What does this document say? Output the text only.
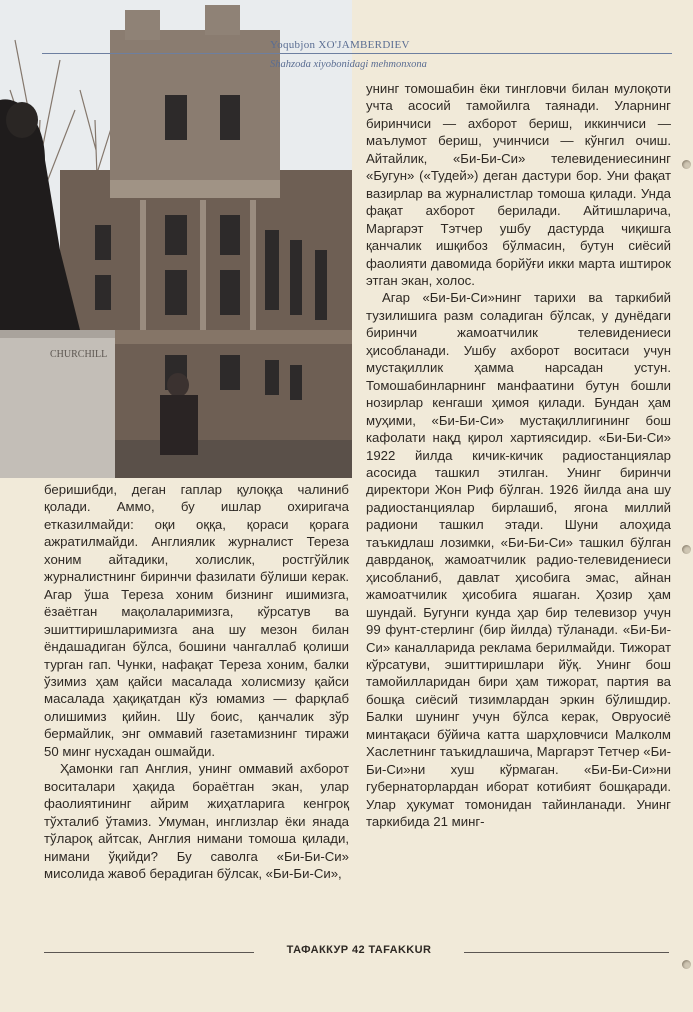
CHURCHILL
Yoqubjon XO'JAMBERDIEV
Shahzoda xiyobonidagi mehmonxona

беришибди, деган гаплар қулоққа чалиниб қолади. Аммо, бу ишлар охиригача етказилмайди: оқи оққа, қораси қорага ажратилмайди. Англиялик журналист Тереза хоним айтадики, холислик, ростгўйлик журналистнинг биринчи фазилати бўлиши керак. Агар ўша Тереза хоним бизнинг ишимизга, ёзаётган мақолаларимизга, кўрсатув ва эшиттиришларимизга ана шу мезон билан ёндашадиган бўлса, бошини чангаллаб қолиши турган гап. Чунки, нафақат Тереза хоним, балки ўзимиз ҳам қайси масалада холисмизу қайси масалада ҳақиқатдан кўз юмамиз — фарқлаб олишимиз қийин. Шу боис, қанчалик зўр бермайлик, энг оммавий газетамизнинг тиражи 50 минг нусхадан ошмайди.

Ҳамонки гап Англия, унинг оммавий ахборот воситалари ҳақида бораётган экан, улар фаолиятининг айрим жиҳатларига кенгроқ тўхталиб ўтамиз. Умуман, инглизлар ёки янада тўлароқ айтсак, Англия нимани томоша қилади, нимани ўқийди? Бу саволга «Би-Би-Си» мисолида жавоб берадиган бўлсак, «Би-Би-Си»,

унинг томошабин ёки тингловчи билан мулоқоти учта асосий тамойилга таянади. Уларнинг биринчиси — ахборот бериш, иккинчиси — маълумот бериш, учинчиси — кўнгил очиш. Айтайлик, «Би-Би-Си» телевидениесининг «Бугун» («Тудей») деган дастури бор. Уни фақат вазирлар ва журналистлар томоша қилади. Унда фақат ахборот берилади. Айтишларича, Маргарэт Тэтчер ушбу дастурда чиқишга қанчалик ишқибоз бўлмасин, бутун сиёсий фаолияти давомида борйўғи икки марта иштирок этган экан, холос.

Агар «Би-Би-Си»нинг тарихи ва таркибий тузилишига разм соладиган бўлсак, у дунёдаги биринчи жамоатчилик телевидениеси ҳисобланади. Ушбу ахборот воситаси учун мустақиллик ҳамма нарсадан устун. Томошабинларнинг манфаатини бутун бошли нозирлар кенгаши ҳимоя қилади. Бундан ҳам муҳими, «Би-Би-Си» мустақиллигининг бош кафолати нақд қирол хартиясидир. «Би-Би-Си» 1922 йилда кичик-кичик радиостанциялар асосида ташкил этилган. Унинг биринчи директори Жон Риф бўлган. 1926 йилда ана шу радиостанциялар бирлашиб, ягона миллий радиони ташкил этади. Шуни алоҳида таъкидлаш лозимки, «Би-Би-Си» ташкил бўлган даврданоқ, жамоатчилик радио-телевидениеси ҳисобланиб, давлат ҳисобига эмас, айнан жамоатчилик ҳисобига яшаган. Ҳозир ҳам шундай. Бугунги кунда ҳар бир телевизор учун 99 фунт-стерлинг (бир йилда) тўланади. «Би-Би-Си» каналларида реклама берилмайди. Тижорат кўрсатуви, эшиттиришлари йўқ. Унинг бош тамойилларидан бири ҳам тижорат, партия ва бошқа сиёсий тизимлардан эркин бўлишдир. Балки шунинг учун бўлса керак, Овруосиё минтақаси бўйича катта шарҳловчиси Малколм Хаслетнинг таъкидлашича, Маргарэт Тетчер «Би-Би-Си»ни хуш кўрмаган. «Би-Би-Си»ни губернаторлардан иборат котибият бошқаради. Улар ҳукумат томонидан тайинланади. Унинг таркибида 21 минг-

ТАФАККУР 42 TAFAKKUR
